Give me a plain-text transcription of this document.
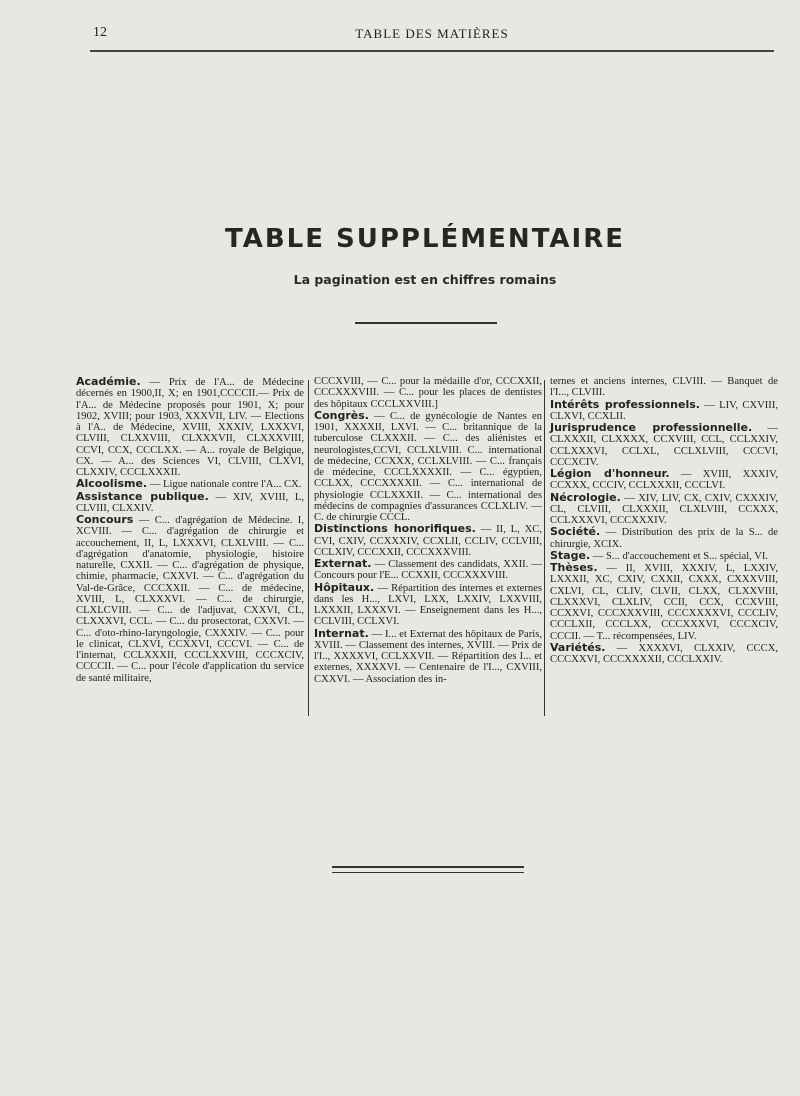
12	TABLE DES MATIÈRES
TABLE SUPPLÉMENTAIRE
La pagination est en chiffres romains

Académie. — Prix de l'A... de Médecine décernés en 1900,II, X; en 1901,CCCCII.— Prix de l'A... de Médecine proposés pour 1901, X; pour 1902, XVIII; pour 1903, XXXVII, LIV. — Elections à l'A.. de Médecine, XVIII, XXXIV, LXXXVI, CLVIII, CLXXVIII, CLXXXVII, CLXXXVIII, CCVI, CCX, CCCLXX. — A... royale de Belgique, CX. — A... des Sciences VI, CLVIII, CLXVI, CLXXIV, CCCLXXXII.

Alcoolisme. — Ligue nationale contre l'A... CX.

Assistance publique. — XIV, XVIII, L, CLVIII, CLXXIV.

Concours — C... d'agrégation de Médecine. I, XCVIII. — C... d'agrégation de chirurgie et accouchement, II, L, LXXXVI, CLXLVIII. — C... d'agrégation d'anatomie, physiologie, histoire naturelle, CXXII. — C... d'agrégation de physique, chimie, pharmacie, CXXVI. — C... d'agrégation du Val-de-Grâce, CCCXXII. — C... de médecine, XVIII, L, CLXXXVI. — C... de chirurgie, CLXLCVIII. — C... de l'adjuvat, CXXVI, CL, CLXXXVI, CCL. — C... du prosectorat, CXXVI. — C... d'oto-rhino-laryngologie, CXXXIV. — C... pour le clinicat, CLXVI, CCXXVI, CCCVI. — C... de l'internat, CCLXXXII, CCCLXXVIII, CCCXCIV, CCCCII. — C... pour l'école d'application du service de santé militaire,

CCCXVIII, — C... pour la médaille d'or, CCCXXII, CCCXXXVIII. — C... pour les places de dentistes des hôpitaux CCCLXXVIII.]

Congrès. — C... de gynécologie de Nantes en 1901, XXXXII, LXVI. — C... britannique de la tuberculose CLXXXII. — C... des aliénistes et neurologistes,CCVI, CCLXLVIII. C... international de médecine, CCXXX, CCLXLVIII. — C... français de médecine, CCCLXXXXII. — C... égyptien, CCLXX, CCCXXXXII. — C... international de physiologie CCLXXXII. — C... international des médecins de compagnies d'assurances CCLXLIV. — C. de chirurgie CCCL.

Distinctions honorifiques. — II, L, XC, CVI, CXIV, CCXXXIV, CCXLII, CCLIV, CCLVIII, CCLXIV, CCCXXII, CCCXXXVIII.

Externat. — Classement des candidats, XXII. — Concours pour l'E... CCXXII, CCCXXXVIII.

Hôpitaux. — Répartition des internes et externes dans les H..., LXVI, LXX, LXXIV, LXXVIII, LXXXII, LXXXVI. — Enseignement dans les H..., CCLVIII, CCLXVI.

Internat. — I... et Externat des hôpitaux de Paris, XVIII. — Classement des internes, XVIII. — Prix de l'I.., XXXXVI, CCLXXVII. — Répartition des I... et externes, XXXXVI. — Centenaire de l'I..., CXVIII, CXXVI. — Association des in-

ternes et anciens internes, CLVIII. — Banquet de l'I..., CLVIII.

Intérêts professionnels. — LIV, CXVIII, CLXVI, CCXLII.

Jurisprudence professionnelle. — CLXXXII, CLXXXX, CCXVIII, CCL, CCLXXIV, CCLXXXVI, CCLXL, CCLXLVIII, CCCVI, CCCXCIV.

Légion d'honneur. — XVIII, XXXIV, CCXXX, CCCIV, CCLXXXII, CCCLVI.

Nécrologie. — XIV, LIV, CX, CXIV, CXXXIV, CL, CLVIII, CLXXXII, CLXLVIII, CCXXX, CCLXXXVI, CCCXXXIV.

Société. — Distribution des prix de la S... de chirurgie, XCIX.

Stage. — S... d'accouchement et S... spécial, VI.

Thèses. — II, XVIII, XXXIV, L, LXXIV, LXXXII, XC, CXIV, CXXII, CXXX, CXXXVIII, CXLVI, CL, CLIV, CLVII, CLXX, CLXXVIII, CLXXXVI, CLXLIV, CCII, CCX, CCXVIII, CCXXVI, CCCXXXVIII, CCCXXXXVI, CCCLIV, CCCLXII, CCCLXX, CCCXXXVI, CCCXCIV, CCCII. — T... récompensées, LIV.

Variétés. — XXXXVI, CLXXIV, CCCX, CCCXXVI, CCCXXXXII, CCCLXXIV.
